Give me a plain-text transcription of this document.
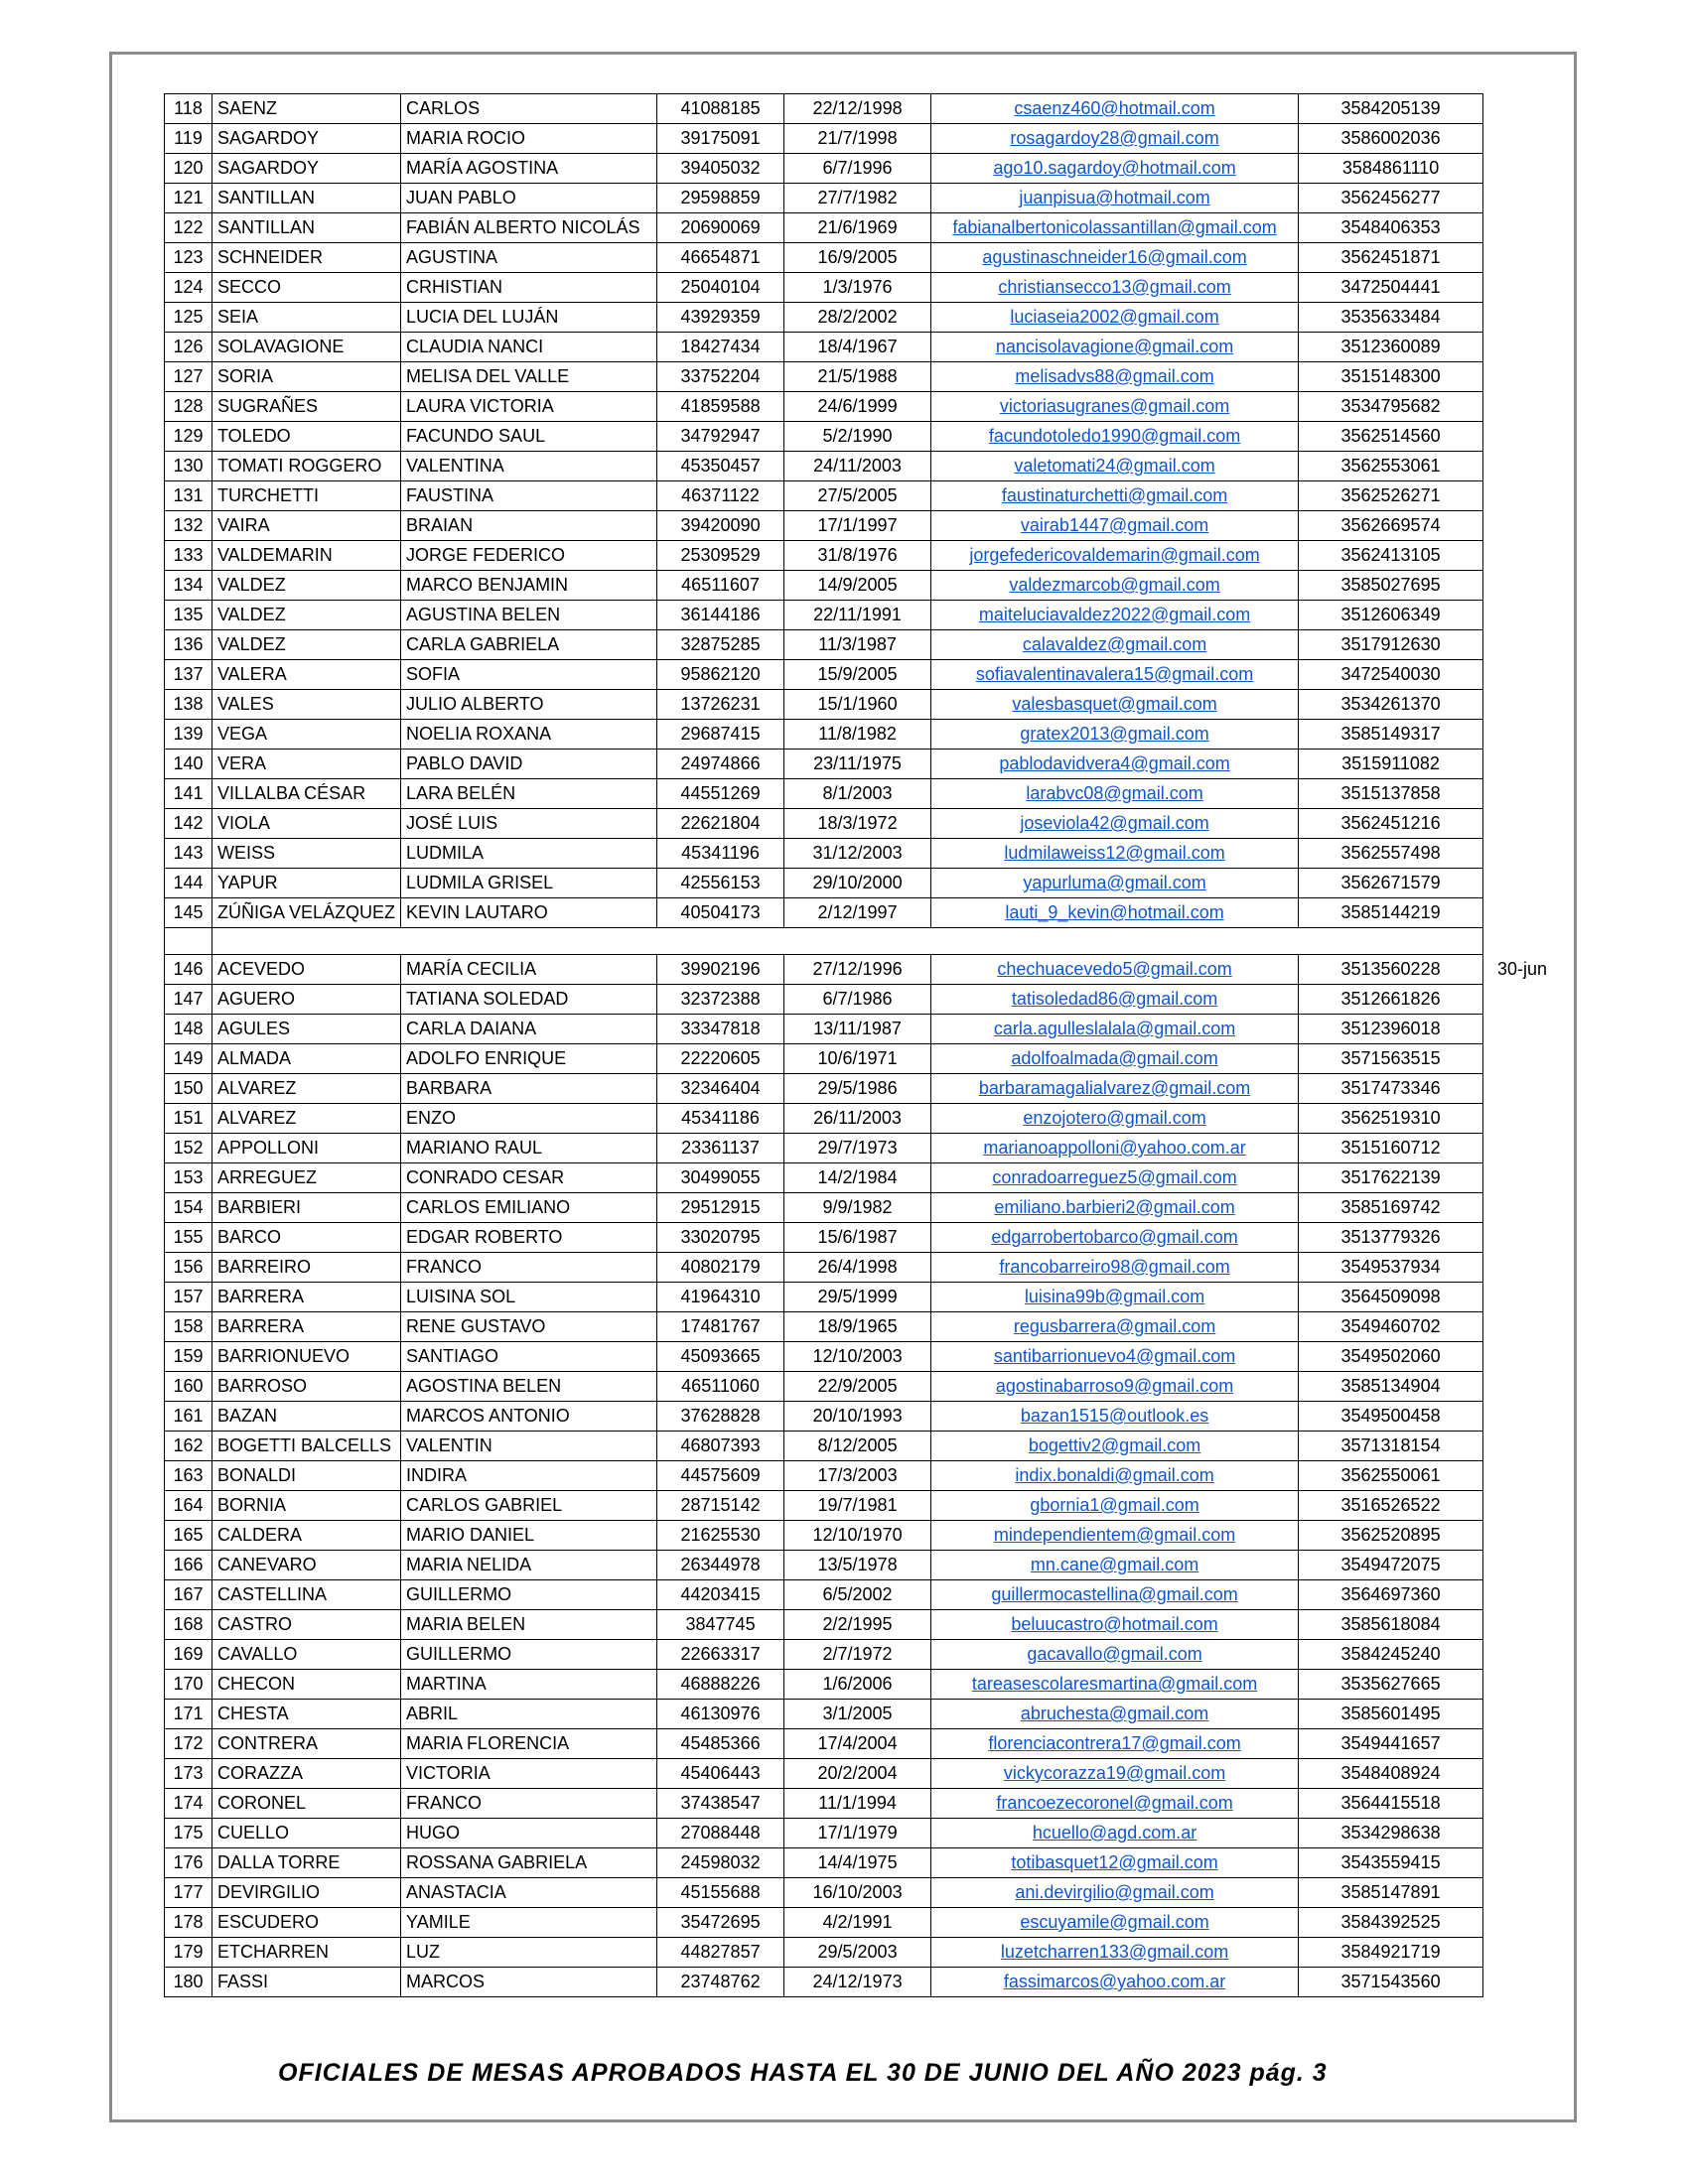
118	SAENZ	CARLOS	41088185	22/12/1998	csaenz460@hotmail.com	3584205139
119	SAGARDOY	MARIA ROCIO	39175091	21/7/1998	rosagardoy28@gmail.com	3586002036
120	SAGARDOY	MARÍA AGOSTINA	39405032	6/7/1996	ago10.sagardoy@hotmail.com	3584861110
121	SANTILLAN	JUAN PABLO	29598859	27/7/1982	juanpisua@hotmail.com	3562456277
122	SANTILLAN	FABIÁN ALBERTO NICOLÁS	20690069	21/6/1969	fabianalbertonicolassantillan@gmail.com	3548406353
123	SCHNEIDER	AGUSTINA	46654871	16/9/2005	agustinaschneider16@gmail.com	3562451871
124	SECCO	CRHISTIAN	25040104	1/3/1976	christiansecco13@gmail.com	3472504441
125	SEIA	LUCIA DEL LUJÁN	43929359	28/2/2002	luciaseia2002@gmail.com	3535633484
126	SOLAVAGIONE	CLAUDIA NANCI	18427434	18/4/1967	nancisolavagione@gmail.com	3512360089
127	SORIA	MELISA DEL VALLE	33752204	21/5/1988	melisadvs88@gmail.com	3515148300
128	SUGRAÑES	LAURA VICTORIA	41859588	24/6/1999	victoriasugranes@gmail.com	3534795682
129	TOLEDO	FACUNDO SAUL	34792947	5/2/1990	facundotoledo1990@gmail.com	3562514560
130	TOMATI ROGGERO	VALENTINA	45350457	24/11/2003	valetomati24@gmail.com	3562553061
131	TURCHETTI	FAUSTINA	46371122	27/5/2005	faustinaturchetti@gmail.com	3562526271
132	VAIRA	BRAIAN	39420090	17/1/1997	vairab1447@gmail.com	3562669574
133	VALDEMARIN	JORGE FEDERICO	25309529	31/8/1976	jorgefedericovaldemarin@gmail.com	3562413105
134	VALDEZ	MARCO BENJAMIN	46511607	14/9/2005	valdezmarcob@gmail.com	3585027695
135	VALDEZ	AGUSTINA BELEN	36144186	22/11/1991	maiteluciavaldez2022@gmail.com	3512606349
136	VALDEZ	CARLA GABRIELA	32875285	11/3/1987	calavaldez@gmail.com	3517912630
137	VALERA	SOFIA	95862120	15/9/2005	sofiavalentinavalera15@gmail.com	3472540030
138	VALES	JULIO ALBERTO	13726231	15/1/1960	valesbasquet@gmail.com	3534261370
139	VEGA	NOELIA ROXANA	29687415	11/8/1982	gratex2013@gmail.com	3585149317
140	VERA	PABLO DAVID	24974866	23/11/1975	pablodavidvera4@gmail.com	3515911082
141	VILLALBA CÉSAR	LARA BELÉN	44551269	8/1/2003	larabvc08@gmail.com	3515137858
142	VIOLA	JOSÉ LUIS	22621804	18/3/1972	joseviola42@gmail.com	3562451216
143	WEISS	LUDMILA	45341196	31/12/2003	ludmilaweiss12@gmail.com	3562557498
144	YAPUR	LUDMILA GRISEL	42556153	29/10/2000	yapurluma@gmail.com	3562671579
145	ZÚÑIGA VELÁZQUEZ	KEVIN LAUTARO	40504173	2/12/1997	lauti_9_kevin@hotmail.com	3585144219

146	ACEVEDO	MARÍA CECILIA	39902196	27/12/1996	chechuacevedo5@gmail.com	3513560228
147	AGUERO	TATIANA SOLEDAD	32372388	6/7/1986	tatisoledad86@gmail.com	3512661826
148	AGULES	CARLA DAIANA	33347818	13/11/1987	carla.agulleslalala@gmail.com	3512396018
149	ALMADA	ADOLFO ENRIQUE	22220605	10/6/1971	adolfoalmada@gmail.com	3571563515
150	ALVAREZ	BARBARA	32346404	29/5/1986	barbaramagalialvarez@gmail.com	3517473346
151	ALVAREZ	ENZO	45341186	26/11/2003	enzojotero@gmail.com	3562519310
152	APPOLLONI	MARIANO RAUL	23361137	29/7/1973	marianoappolloni@yahoo.com.ar	3515160712
153	ARREGUEZ	CONRADO CESAR	30499055	14/2/1984	conradoarreguez5@gmail.com	3517622139
154	BARBIERI	CARLOS EMILIANO	29512915	9/9/1982	emiliano.barbieri2@gmail.com	3585169742
155	BARCO	EDGAR ROBERTO	33020795	15/6/1987	edgarrobertobarco@gmail.com	3513779326
156	BARREIRO	FRANCO	40802179	26/4/1998	francobarreiro98@gmail.com	3549537934
157	BARRERA	LUISINA SOL	41964310	29/5/1999	luisina99b@gmail.com	3564509098
158	BARRERA	RENE GUSTAVO	17481767	18/9/1965	regusbarrera@gmail.com	3549460702
159	BARRIONUEVO	SANTIAGO	45093665	12/10/2003	santibarrionuevo4@gmail.com	3549502060
160	BARROSO	AGOSTINA BELEN	46511060	22/9/2005	agostinabarroso9@gmail.com	3585134904
161	BAZAN	MARCOS ANTONIO	37628828	20/10/1993	bazan1515@outlook.es	3549500458
162	BOGETTI BALCELLS	VALENTIN	46807393	8/12/2005	bogettiv2@gmail.com	3571318154
163	BONALDI	INDIRA	44575609	17/3/2003	indix.bonaldi@gmail.com	3562550061
164	BORNIA	CARLOS GABRIEL	28715142	19/7/1981	gbornia1@gmail.com	3516526522
165	CALDERA	MARIO DANIEL	21625530	12/10/1970	mindependientem@gmail.com	3562520895
166	CANEVARO	MARIA NELIDA	26344978	13/5/1978	mn.cane@gmail.com	3549472075
167	CASTELLINA	GUILLERMO	44203415	6/5/2002	guillermocastellina@gmail.com	3564697360
168	CASTRO	MARIA BELEN	3847745	2/2/1995	beluucastro@hotmail.com	3585618084
169	CAVALLO	GUILLERMO	22663317	2/7/1972	gacavallo@gmail.com	3584245240
170	CHECON	MARTINA	46888226	1/6/2006	tareasescolaresmartina@gmail.com	3535627665
171	CHESTA	ABRIL	46130976	3/1/2005	abruchesta@gmail.com	3585601495
172	CONTRERA	MARIA FLORENCIA	45485366	17/4/2004	florenciacontrera17@gmail.com	3549441657
173	CORAZZA	VICTORIA	45406443	20/2/2004	vickycorazza19@gmail.com	3548408924
174	CORONEL	FRANCO	37438547	11/1/1994	francoezecoronel@gmail.com	3564415518
175	CUELLO	HUGO	27088448	17/1/1979	hcuello@agd.com.ar	3534298638
176	DALLA TORRE	ROSSANA GABRIELA	24598032	14/4/1975	totibasquet12@gmail.com	3543559415
177	DEVIRGILIO	ANASTACIA	45155688	16/10/2003	ani.devirgilio@gmail.com	3585147891
178	ESCUDERO	YAMILE	35472695	4/2/1991	escuyamile@gmail.com	3584392525
179	ETCHARREN	LUZ	44827857	29/5/2003	luzetcharren133@gmail.com	3584921719
180	FASSI	MARCOS	23748762	24/12/1973	fassimarcos@yahoo.com.ar	3571543560
30-jun
OFICIALES DE MESAS APROBADOS HASTA EL 30 DE JUNIO DEL AÑO 2023 pág. 3
